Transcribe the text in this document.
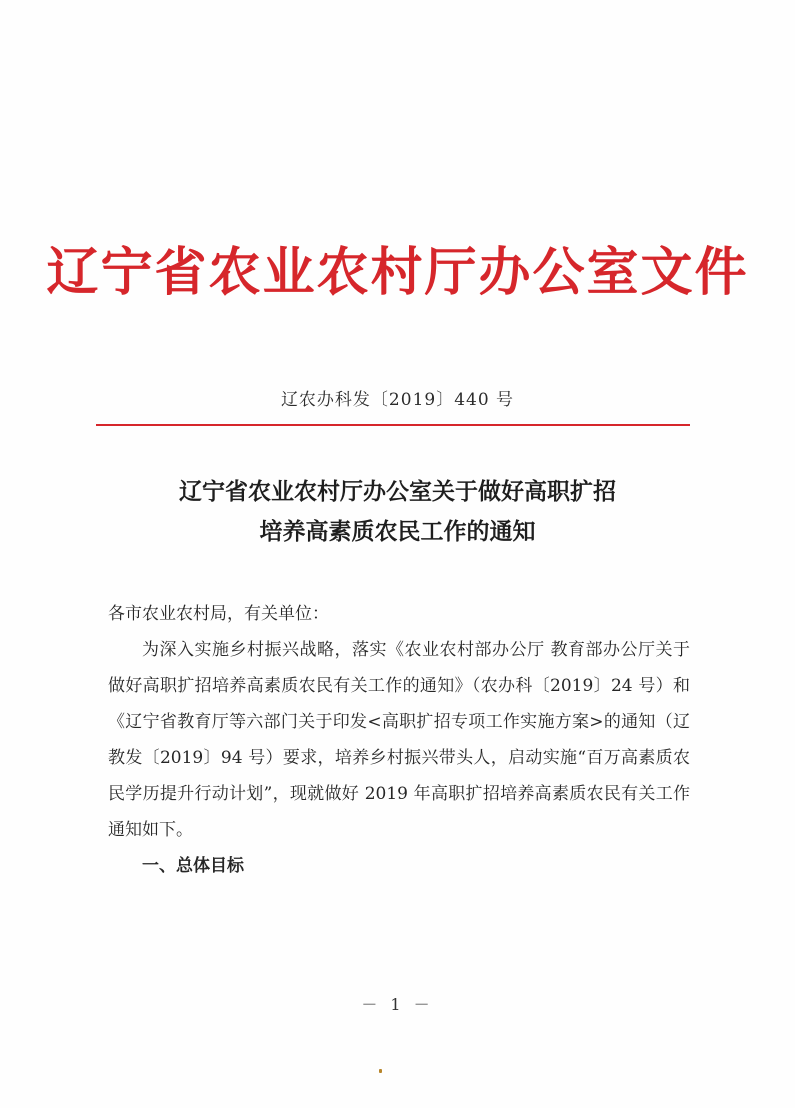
辽宁省农业农村厅办公室文件
辽农办科发〔2019〕440 号
辽宁省农业农村厅办公室关于做好高职扩招
培养高素质农民工作的通知
各市农业农村局，有关单位：

为深入实施乡村振兴战略，落实《农业农村部办公厅 教育部办公厅关于做好高职扩招培养高素质农民有关工作的通知》（农办科〔2019〕24 号）和《辽宁省教育厅等六部门关于印发<高职扩招专项工作实施方案>的通知（辽教发〔2019〕94 号）要求，培养乡村振兴带头人，启动实施“百万高素质农民学历提升行动计划”，现就做好 2019 年高职扩招培养高素质农民有关工作通知如下。

一、总体目标
－ 1 －
